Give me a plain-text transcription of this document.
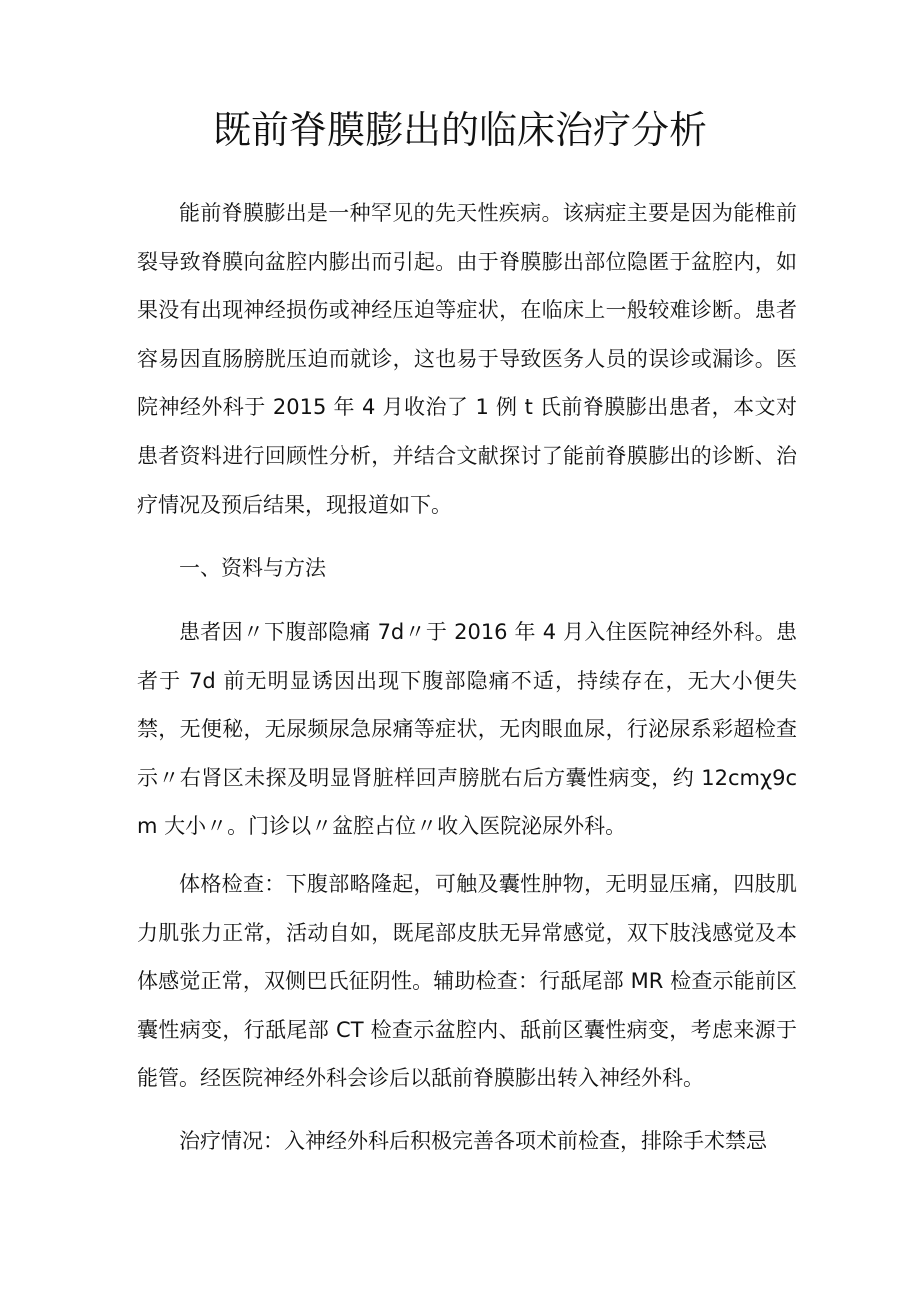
既前脊膜膨出的临床治疗分析

能前脊膜膨出是一种罕见的先天性疾病。该病症主要是因为能椎前裂导致脊膜向盆腔内膨出而引起。由于脊膜膨出部位隐匿于盆腔内，如果没有出现神经损伤或神经压迫等症状，在临床上一般较难诊断。患者容易因直肠膀胱压迫而就诊，这也易于导致医务人员的误诊或漏诊。医院神经外科于 2015 年 4 月收治了 1 例 t 氏前脊膜膨出患者，本文对患者资料进行回顾性分析，并结合文献探讨了能前脊膜膨出的诊断、治疗情况及预后结果，现报道如下。

一、资料与方法

患者因〃下腹部隐痛 7d〃于 2016 年 4 月入住医院神经外科。患者于 7d 前无明显诱因出现下腹部隐痛不适，持续存在，无大小便失禁，无便秘，无尿频尿急尿痛等症状，无肉眼血尿，行泌尿系彩超检查示〃右肾区未探及明显肾脏样回声膀胱右后方囊性病变，约 12cmχ9cm 大小〃。门诊以〃盆腔占位〃收入医院泌尿外科。

体格检查：下腹部略隆起，可触及囊性肿物，无明显压痛，四肢肌力肌张力正常，活动自如，既尾部皮肤无异常感觉，双下肢浅感觉及本体感觉正常，双侧巴氏征阴性。辅助检查：行舐尾部 MR 检查示能前区囊性病变，行舐尾部 CT 检查示盆腔内、舐前区囊性病变，考虑来源于能管。经医院神经外科会诊后以舐前脊膜膨出转入神经外科。

治疗情况：入神经外科后积极完善各项术前检查，排除手术禁忌
